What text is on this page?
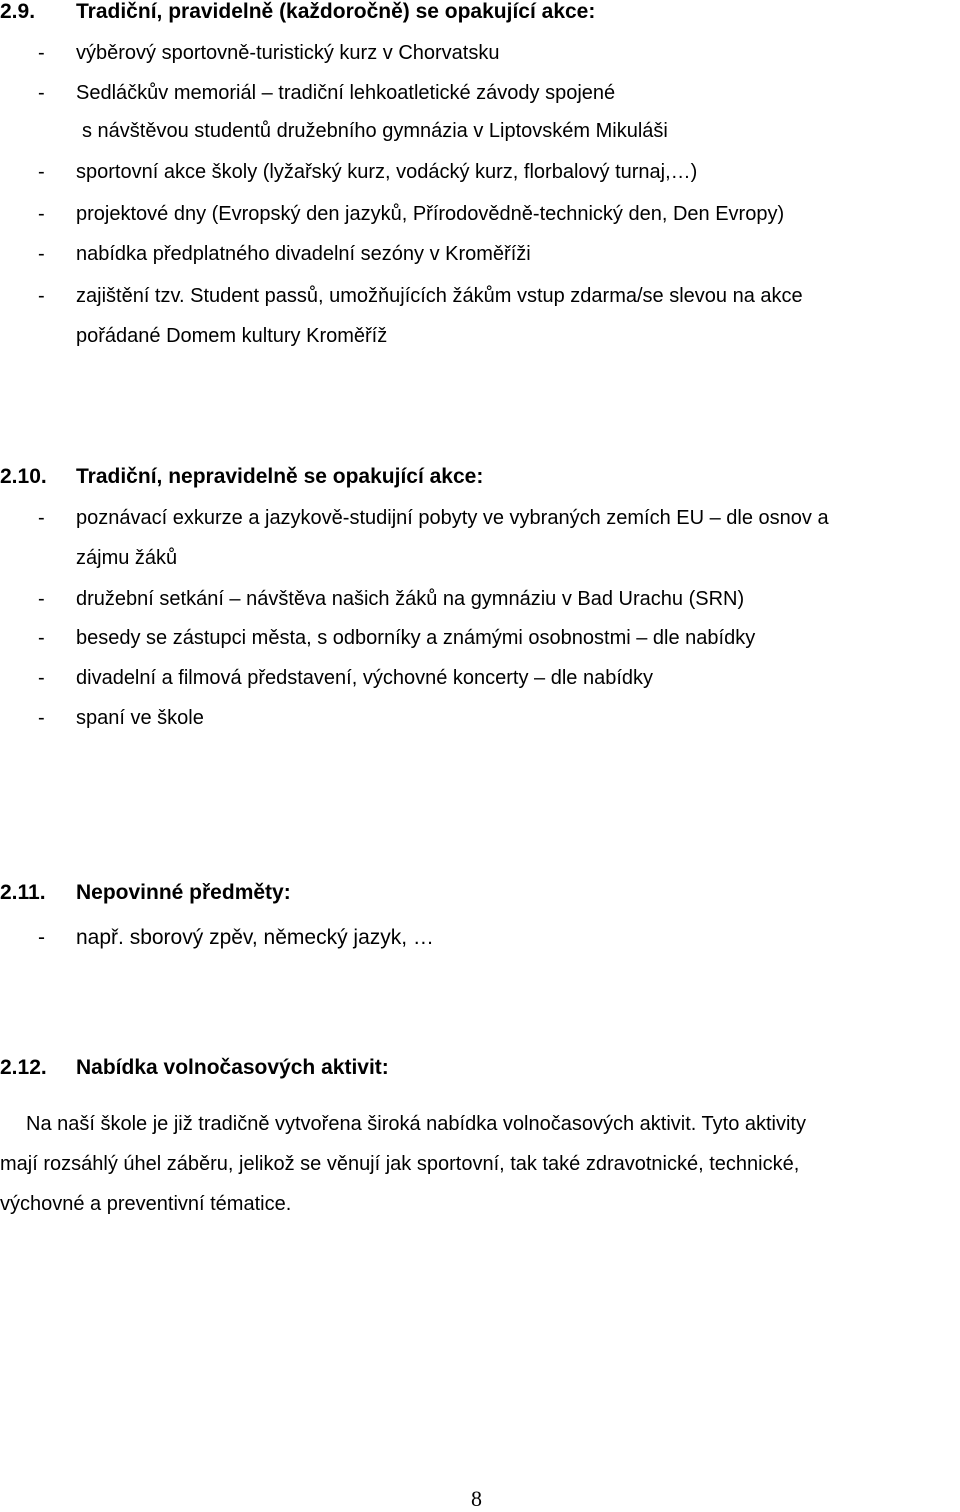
2.9. Tradiční, pravidelně (každoročně) se opakující akce:
- výběrový sportovně-turistický kurz v Chorvatsku
- Sedláčkův memoriál – tradiční lehkoatletické závody spojené
s návštěvou studentů družebního gymnázia v Liptovském Mikuláši
- sportovní akce školy (lyžařský kurz, vodácký kurz, florbalový turnaj,…)
- projektové dny (Evropský den jazyků, Přírodovědně-technický den, Den Evropy)
- nabídka předplatného divadelní sezóny v Kroměříži
- zajištění tzv. Student passů, umožňujících žákům vstup zdarma/se slevou na akce
pořádané Domem kultury Kroměříž
2.10. Tradiční, nepravidelně se opakující akce:
- poznávací exkurze a jazykově-studijní pobyty ve vybraných zemích EU – dle osnov a
zájmu žáků
- družební setkání – návštěva našich žáků na gymnáziu v Bad Urachu (SRN)
- besedy se zástupci města, s odborníky a známými osobnostmi – dle nabídky
- divadelní a filmová představení, výchovné koncerty – dle nabídky
- spaní ve škole
2.11. Nepovinné předměty:
- např. sborový zpěv, německý jazyk, …
2.12. Nabídka volnočasových aktivit:
Na naší škole je již tradičně vytvořena široká nabídka volnočasových aktivit. Tyto aktivity
mají rozsáhlý úhel záběru, jelikož se věnují jak sportovní, tak také zdravotnické, technické,
výchovné a preventivní tématice.
8
